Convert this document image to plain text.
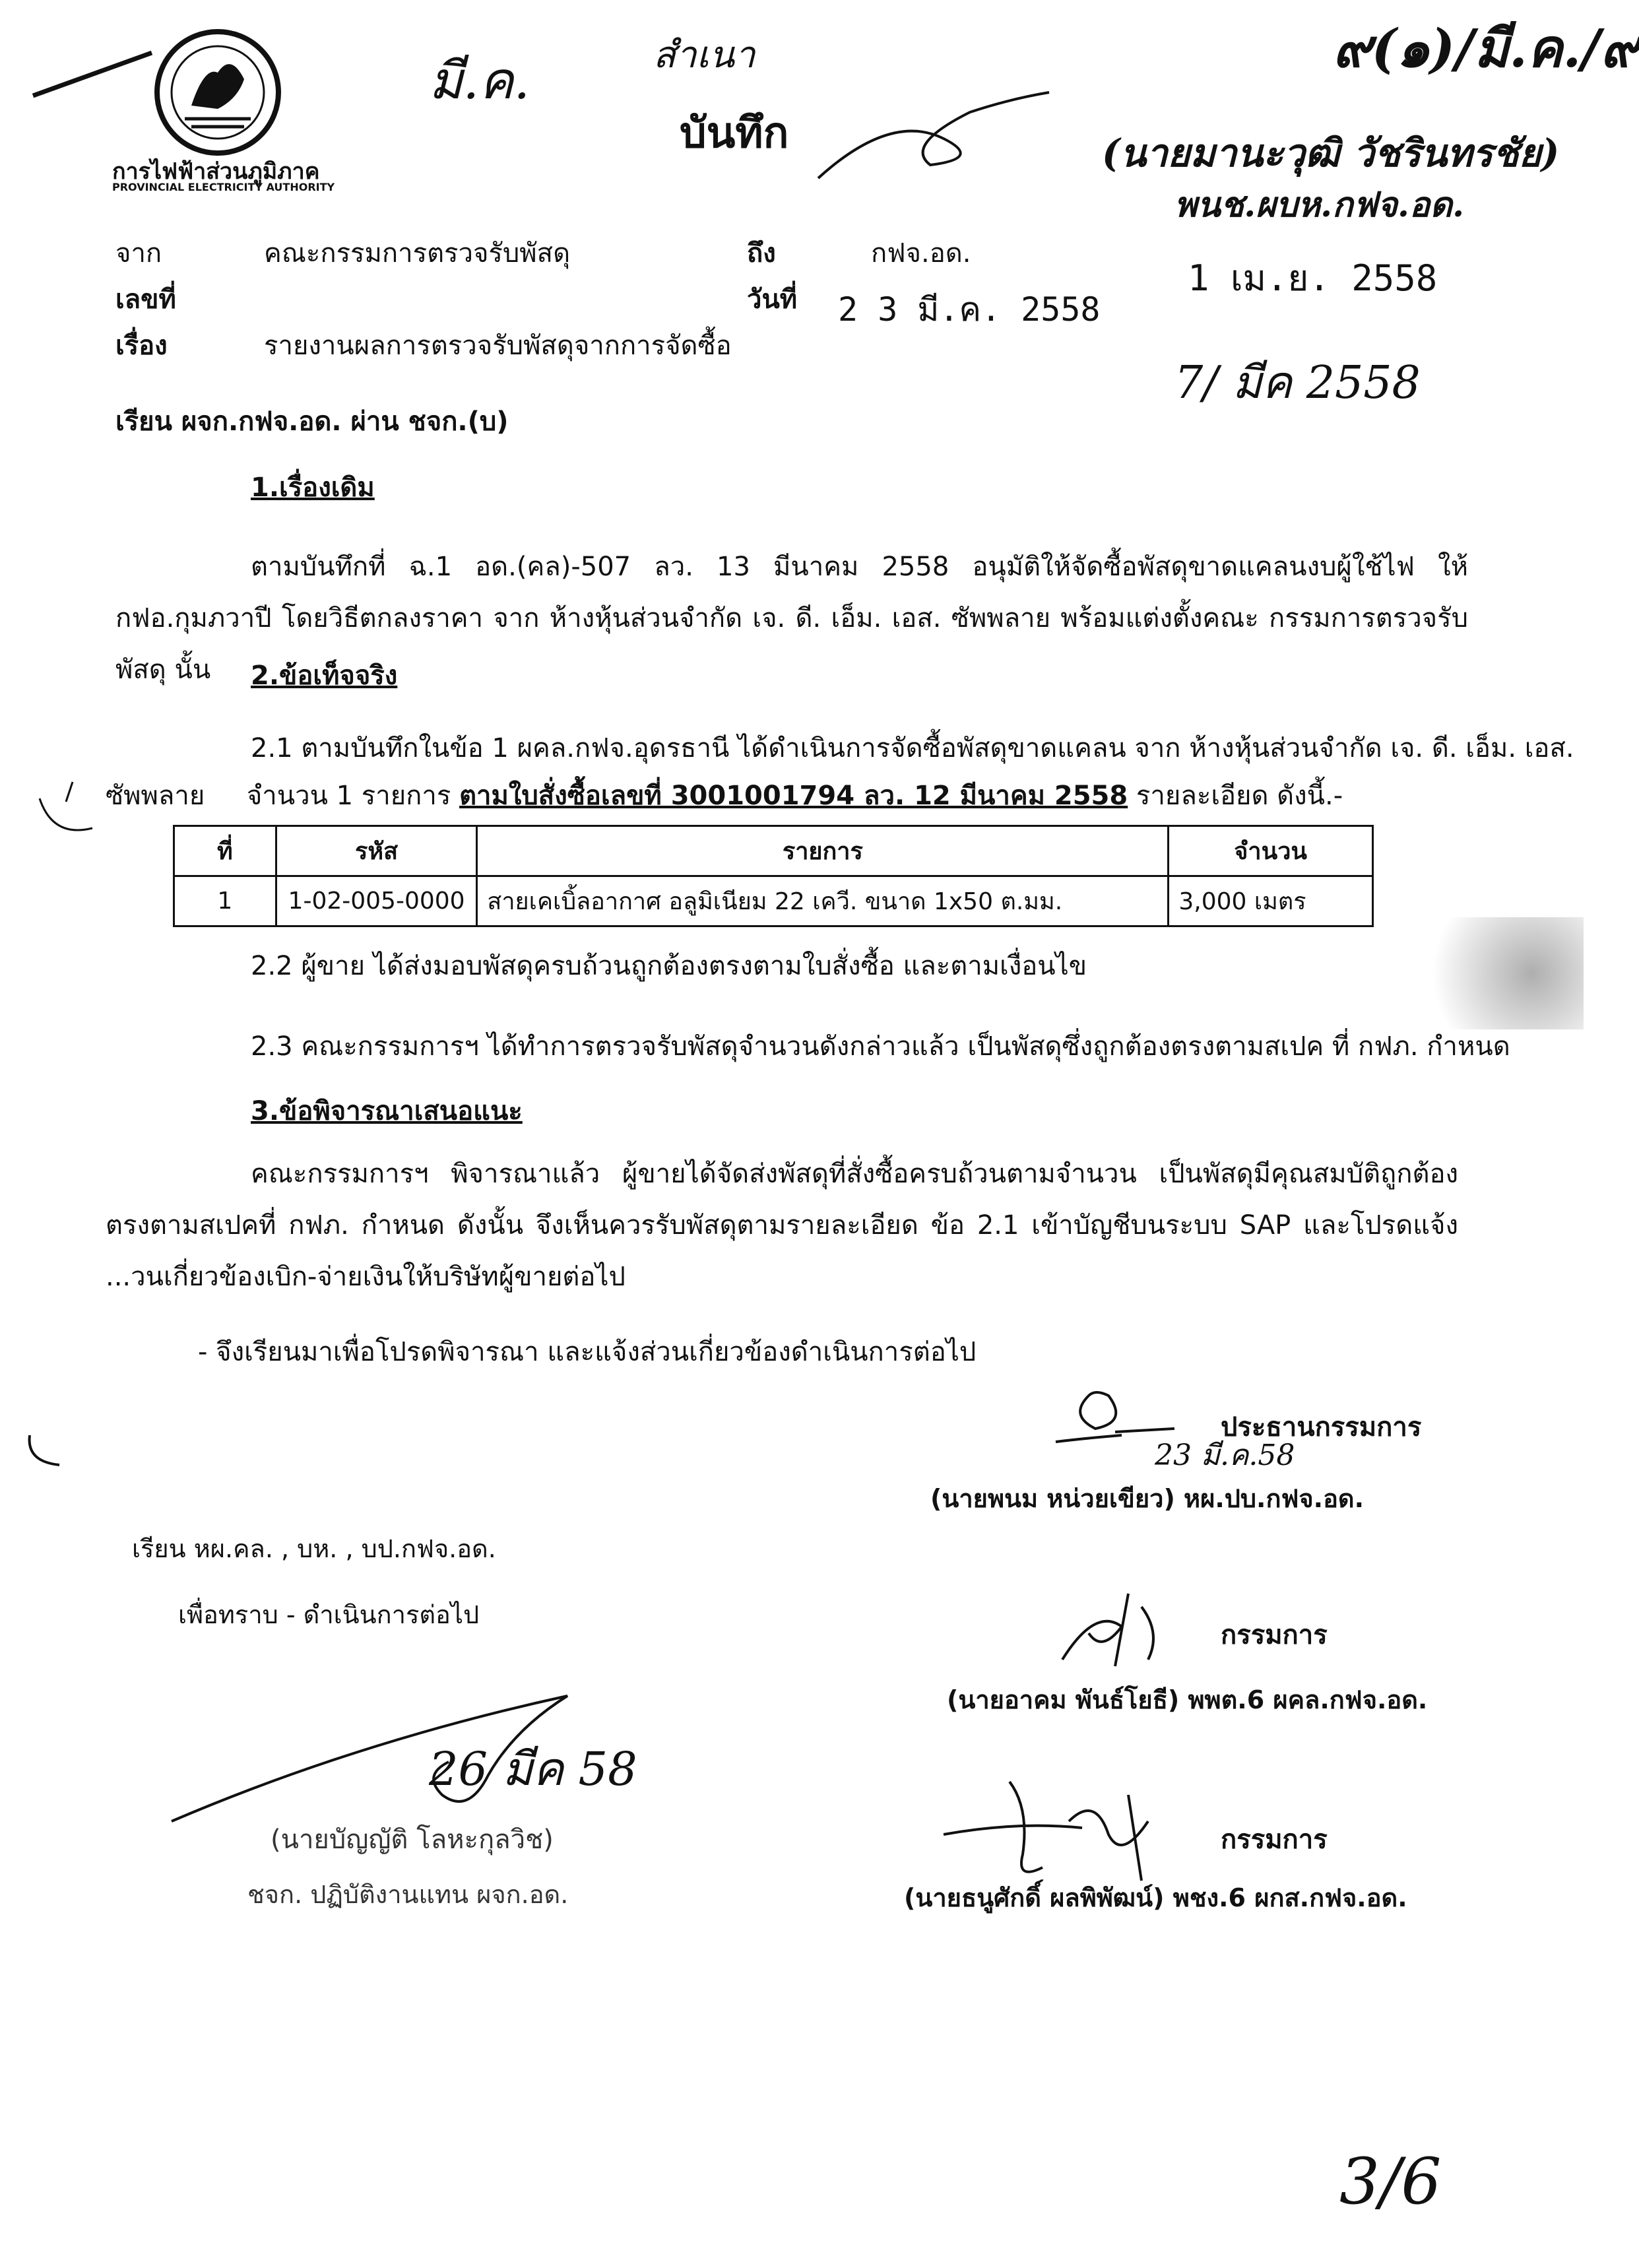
การไฟฟ้าส่วนภูมิภาค
PROVINCIAL ELECTRICITY AUTHORITY
มี.ค.	สำเนา	๙(๑)/มี.ค./๙
บันทึก	(นายมานะวุฒิ วัชรินทรชัย)
พนช.ผบห.กฟจ.อด.
จาก	คณะกรรมการตรวจรับพัสดุ	ถึง	กฟจ.อด.
เลขที่	วันที่ 2 3 มี.ค. 2558
เรื่อง	รายงานผลการตรวจรับพัสดุจากการจัดซื้อ
1 เม.ย. 2558
7/ มีค 2558
เรียน ผจก.กฟจ.อด. ผ่าน ชจก.(บ)
1.เรื่องเดิม
ตามบันทึกที่ ฉ.1 อด.(คล)-507 ลว. 13 มีนาคม 2558 อนุมัติให้จัดซื้อพัสดุขาดแคลนงบผู้ใช้ไฟ ให้ กฟอ.กุมภวาปี โดยวิธีตกลงราคา จาก ห้างหุ้นส่วนจำกัด เจ. ดี. เอ็ม. เอส. ซัพพลาย พร้อมแต่งตั้งคณะ กรรมการตรวจรับพัสดุ นั้น	2.ข้อเท็จจริง
2.1 ตามบันทึกในข้อ 1 ผคล.กฟจ.อุดรธานี ได้ดำเนินการจัดซื้อพัสดุขาดแคลน จาก ห้างหุ้นส่วนจำกัด เจ. ดี. เอ็ม. เอส.
ซัพพลาย     จำนวน 1 รายการ ตามใบสั่งซื้อเลขที่ 3001001794 ลว. 12 มีนาคม 2558 รายละเอียด ดังนี้.-
ที่	รหัส	รายการ	จำนวน
1	1-02-005-0000	สายเคเบิ้ลอากาศ อลูมิเนียม 22 เควี. ขนาด 1x50 ต.มม.	3,000 เมตร
2.2 ผู้ขาย ได้ส่งมอบพัสดุครบถ้วนถูกต้องตรงตามใบสั่งซื้อ และตามเงื่อนไข
2.3 คณะกรรมการฯ ได้ทำการตรวจรับพัสดุจำนวนดังกล่าวแล้ว เป็นพัสดุซึ่งถูกต้องตรงตามสเปค ที่ กฟภ. กำหนด
3.ข้อพิจารณาเสนอแนะ
คณะกรรมการฯ พิจารณาแล้ว ผู้ขายได้จัดส่งพัสดุที่สั่งซื้อครบถ้วนตามจำนวน เป็นพัสดุมีคุณสมบัติถูกต้องตรงตามสเปคที่ กฟภ. กำหนด ดังนั้น จึงเห็นควรรับพัสดุตามรายละเอียด ข้อ 2.1 เข้าบัญชีบนระบบ SAP และโปรดแจ้ง ...วนเกี่ยวข้องเบิก-จ่ายเงินให้บริษัทผู้ขายต่อไป
- จึงเรียนมาเพื่อโปรดพิจารณา และแจ้งส่วนเกี่ยวข้องดำเนินการต่อไป
ประธานกรรมการ
23 มี.ค.58
(นายพนม หน่วยเขียว) หผ.ปบ.กฟจ.อด.
เรียน หผ.คล. , บห. , บป.กฟจ.อด.
เพื่อทราบ - ดำเนินการต่อไป
กรรมการ
(นายอาคม พันธ์โยธี) พพต.6 ผคล.กฟจ.อด.
26 มีค 58
(นายบัญญัติ โลหะกุลวิช)
ชจก. ปฏิบัติงานแทน ผจก.อด.
กรรมการ
(นายธนูศักดิ์ ผลพิพัฒน์) พชง.6 ผกส.กฟจ.อด.
3/6
